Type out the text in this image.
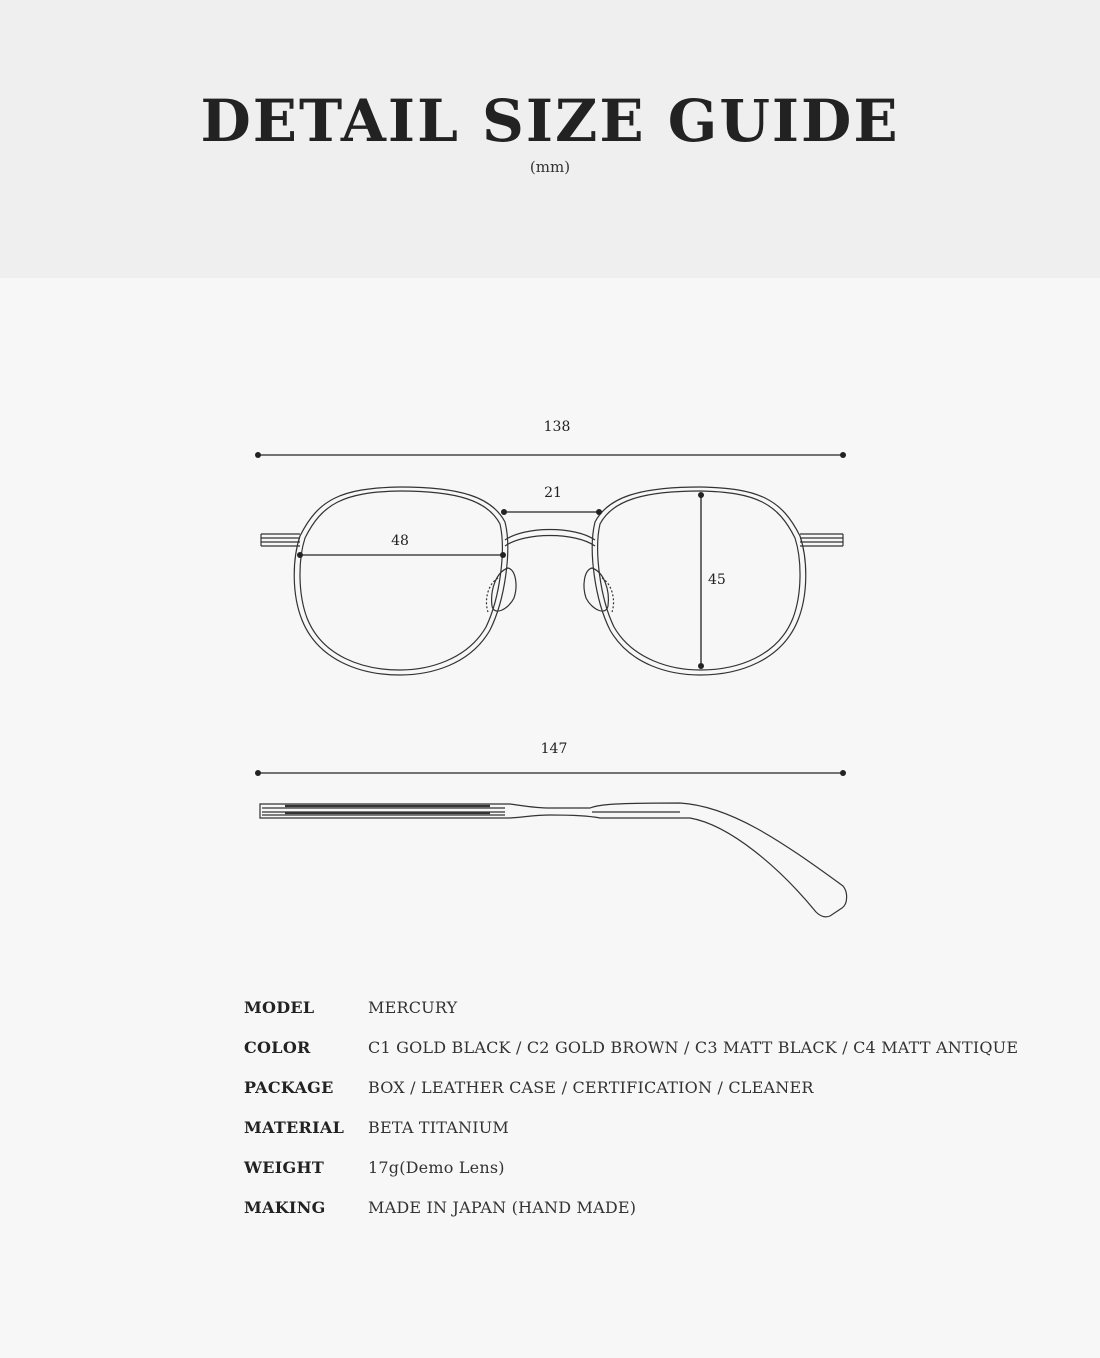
DETAIL SIZE GUIDE
(mm)
138
21
48
45
147
MODEL	MERCURY
COLOR	C1 GOLD BLACK / C2 GOLD BROWN / C3 MATT BLACK / C4 MATT ANTIQUE
PACKAGE BOX / LEATHER CASE / CERTIFICATION / CLEANER
MATERIAL BETA TITANIUM
WEIGHT	17g(Demo Lens)
MAKING	MADE IN JAPAN (HAND MADE)
